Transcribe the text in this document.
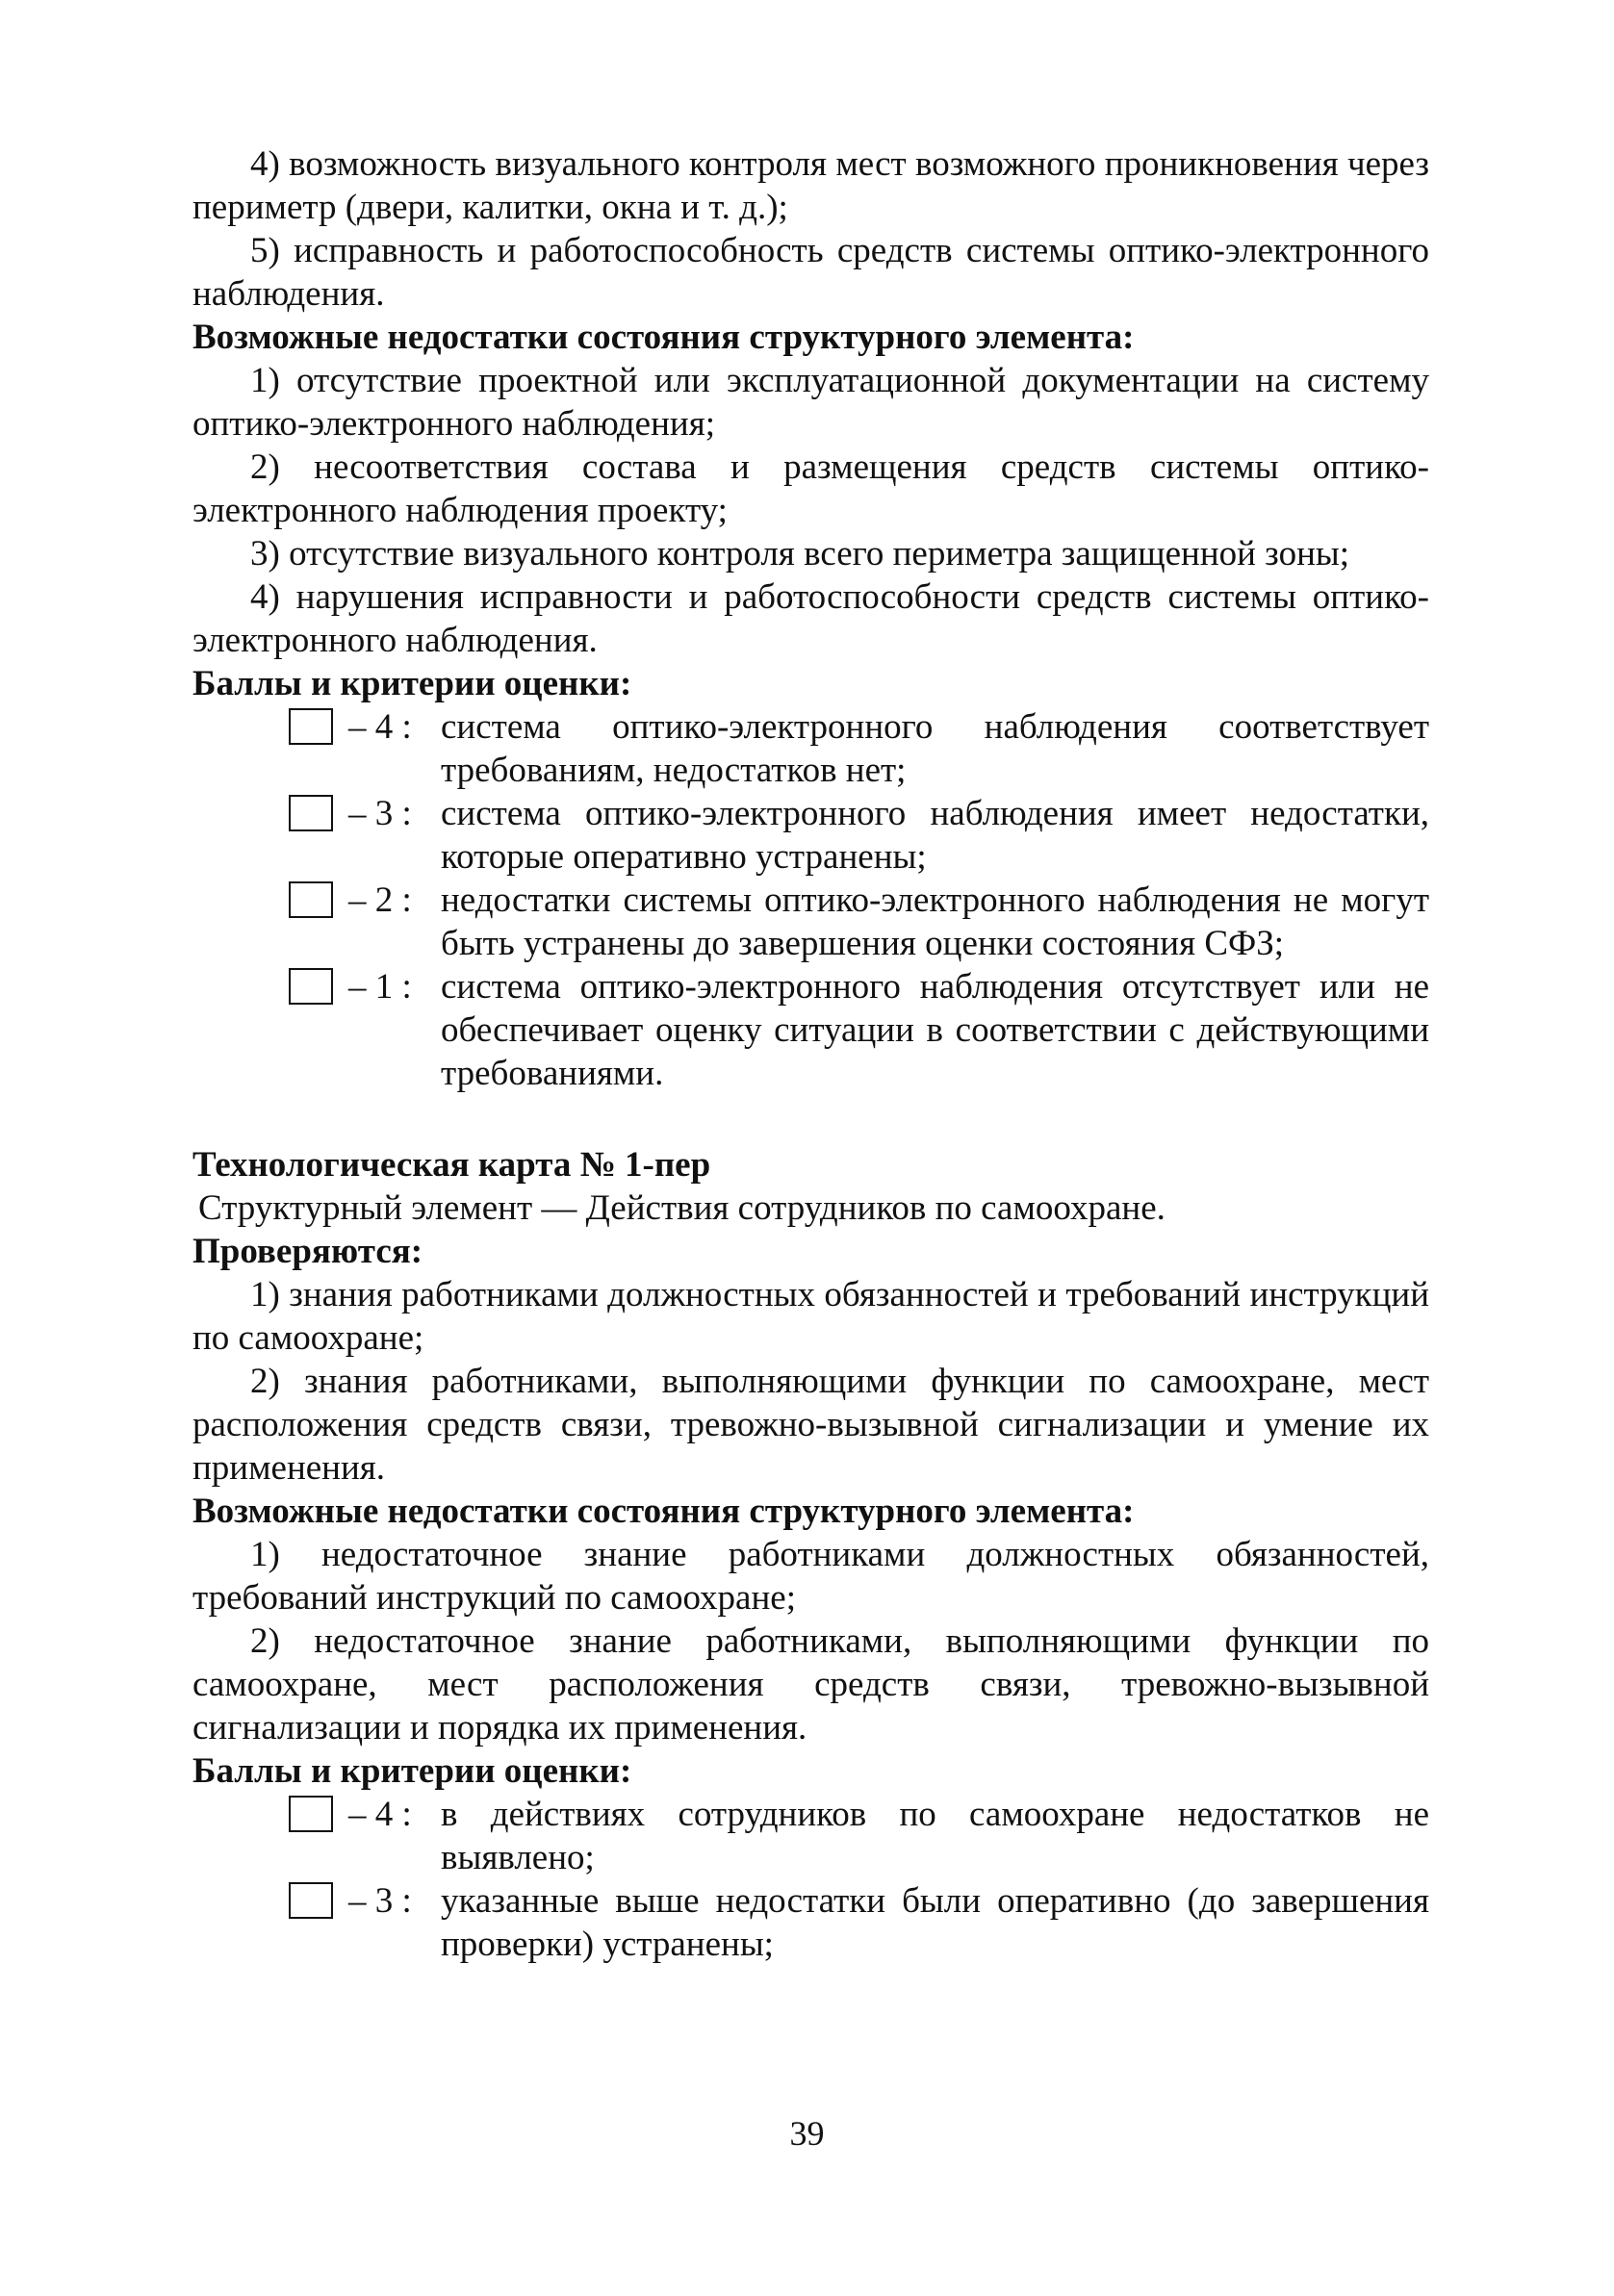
4) возможность визуального контроля мест возможного проникновения через периметр (двери, калитки, окна и т. д.);

5) исправность и работоспособность средств системы оптико-электронного наблюдения.

Возможные недостатки состояния структурного элемента:

1) отсутствие проектной или эксплуатационной документации на систему оптико-электронного наблюдения;

2) несоответствия состава и размещения средств системы оптико-электронного наблюдения проекту;

3) отсутствие визуального контроля всего периметра защищенной зоны;

4) нарушения исправности и работоспособности средств системы оптико-электронного наблюдения.

Баллы и критерии оценки:

– 4 : система оптико-электронного наблюдения соответствует требованиям, недостатков нет;
– 3 : система оптико-электронного наблюдения имеет недостатки, которые оперативно устранены;
– 2 : недостатки системы оптико-электронного наблюдения не могут быть устранены до завершения оценки состояния СФЗ;
– 1 : система оптико-электронного наблюдения отсутствует или не обеспечивает оценку ситуации в соответствии с действующими требованиями.

Технологическая карта № 1-пер

Структурный элемент — Действия сотрудников по самоохране.

Проверяются:

1) знания работниками должностных обязанностей и требований инструкций по самоохране;

2) знания работниками, выполняющими функции по самоохране, мест расположения средств связи, тревожно-вызывной сигнализации и умение их применения.

Возможные недостатки состояния структурного элемента:

1) недостаточное знание работниками должностных обязанностей, требований инструкций по самоохране;

2) недостаточное знание работниками, выполняющими функции по самоохране, мест расположения средств связи, тревожно-вызывной сигнализации и порядка их применения.

Баллы и критерии оценки:

– 4 : в действиях сотрудников по самоохране недостатков не выявлено;
– 3 : указанные выше недостатки были оперативно (до завершения проверки) устранены;
39
